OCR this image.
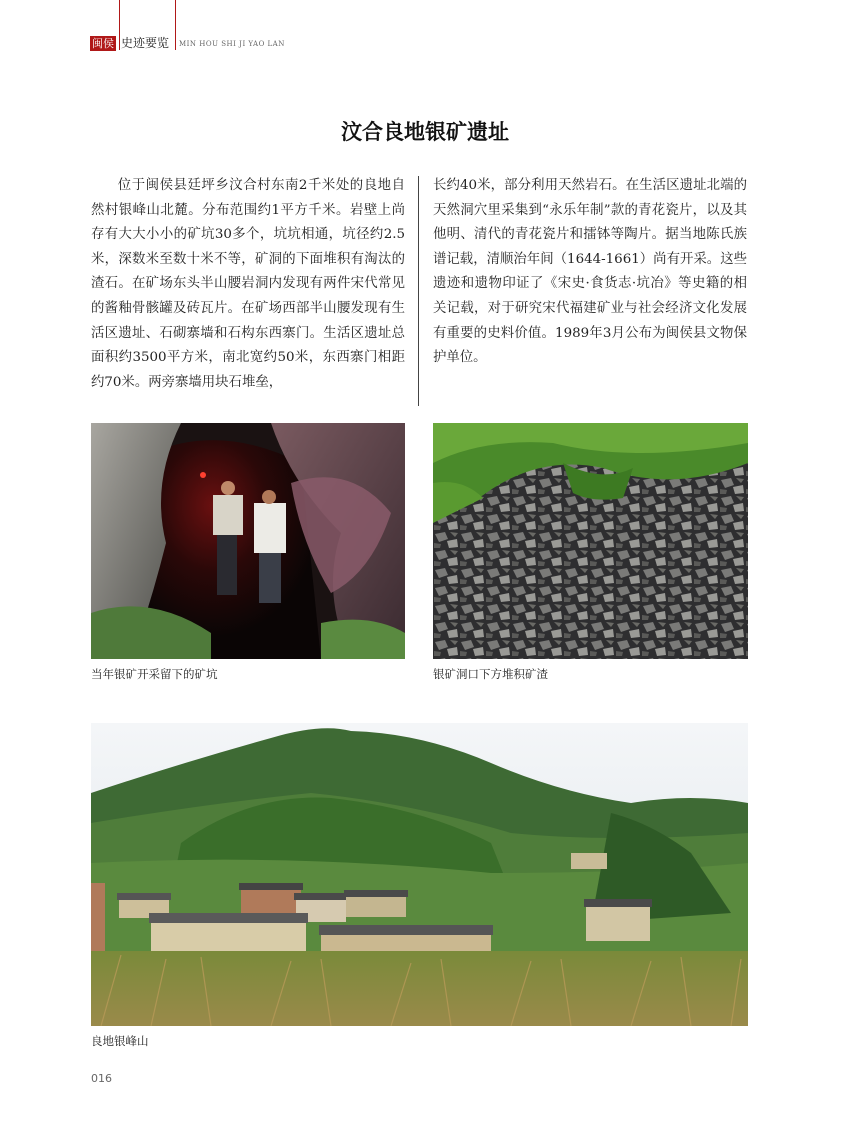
闽侯 史迹要览 MIN HOU SHI JI YAO LAN
汶合良地银矿遗址
位于闽侯县廷坪乡汶合村东南2千米处的良地自然村银峰山北麓。分布范围约1平方千米。岩壁上尚存有大大小小的矿坑30多个，坑坑相通，坑径约2.5米，深数米至数十米不等，矿洞的下面堆积有淘汰的渣石。在矿场东头半山腰岩洞内发现有两件宋代常见的酱釉骨骸罐及砖瓦片。在矿场西部半山腰发现有生活区遗址、石砌寨墙和石构东西寨门。生活区遗址总面积约3500平方米，南北宽约50米，东西寨门相距约70米。两旁寨墙用块石堆垒，
长约40米，部分利用天然岩石。在生活区遗址北端的天然洞穴里采集到“永乐年制”款的青花瓷片，以及其他明、清代的青花瓷片和擂钵等陶片。据当地陈氏族谱记载，清顺治年间（1644-1661）尚有开采。这些遗迹和遗物印证了《宋史·食货志·坑冶》等史籍的相关记载，对于研究宋代福建矿业与社会经济文化发展有重要的史料价值。1989年3月公布为闽侯县文物保护单位。
当年银矿开采留下的矿坑	银矿洞口下方堆积矿渣
良地银峰山
016
